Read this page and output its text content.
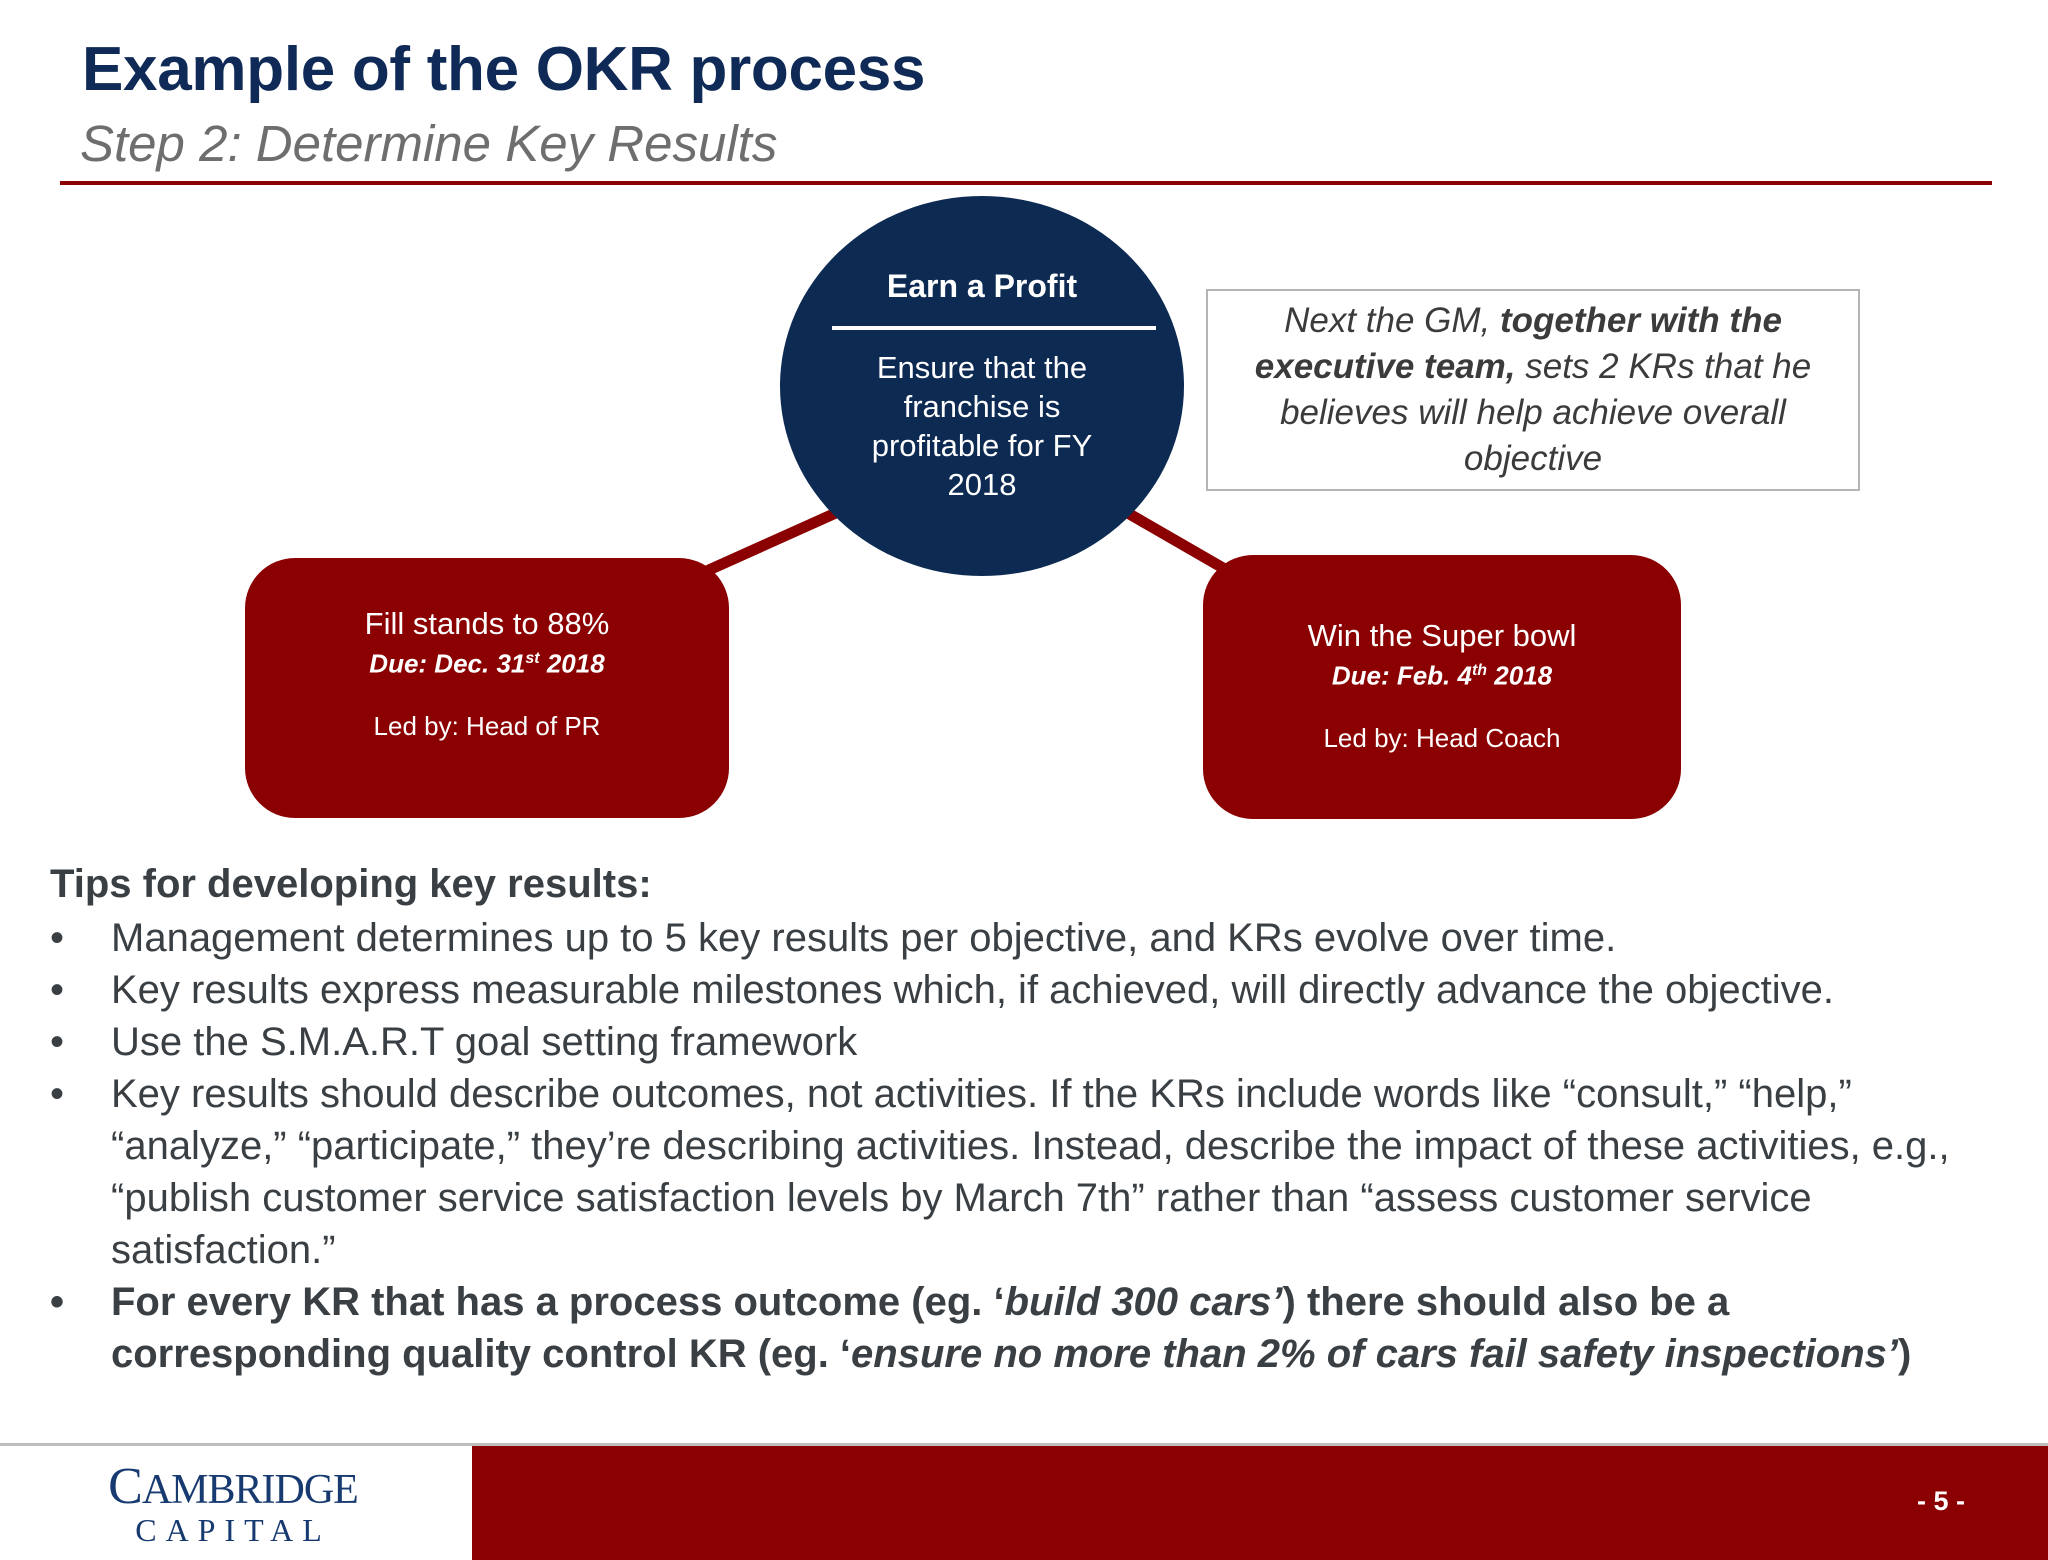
Example of the OKR process
Step 2: Determine Key Results
Earn a Profit
Ensure that the franchise is profitable for FY 2018
Next the GM, together with the executive team, sets 2 KRs that he believes will help achieve overall objective
Fill stands to 88%
Due: Dec. 31st 2018
Led by: Head of PR
Win the Super bowl
Due: Feb. 4th 2018
Led by: Head Coach
Tips for developing key results:
• Management determines up to 5 key results per objective, and KRs evolve over time.
• Key results express measurable milestones which, if achieved, will directly advance the objective.
• Use the S.M.A.R.T goal setting framework
• Key results should describe outcomes, not activities. If the KRs include words like “consult,” “help,” “analyze,” “participate,” they’re describing activities. Instead, describe the impact of these activities, e.g., “publish customer service satisfaction levels by March 7th” rather than “assess customer service satisfaction.”
• For every KR that has a process outcome (eg. ‘build 300 cars’) there should also be a corresponding quality control KR (eg. ‘ensure no more than 2% of cars fail safety inspections’)
CAMBRIDGE
CAPITAL
- 5 -
